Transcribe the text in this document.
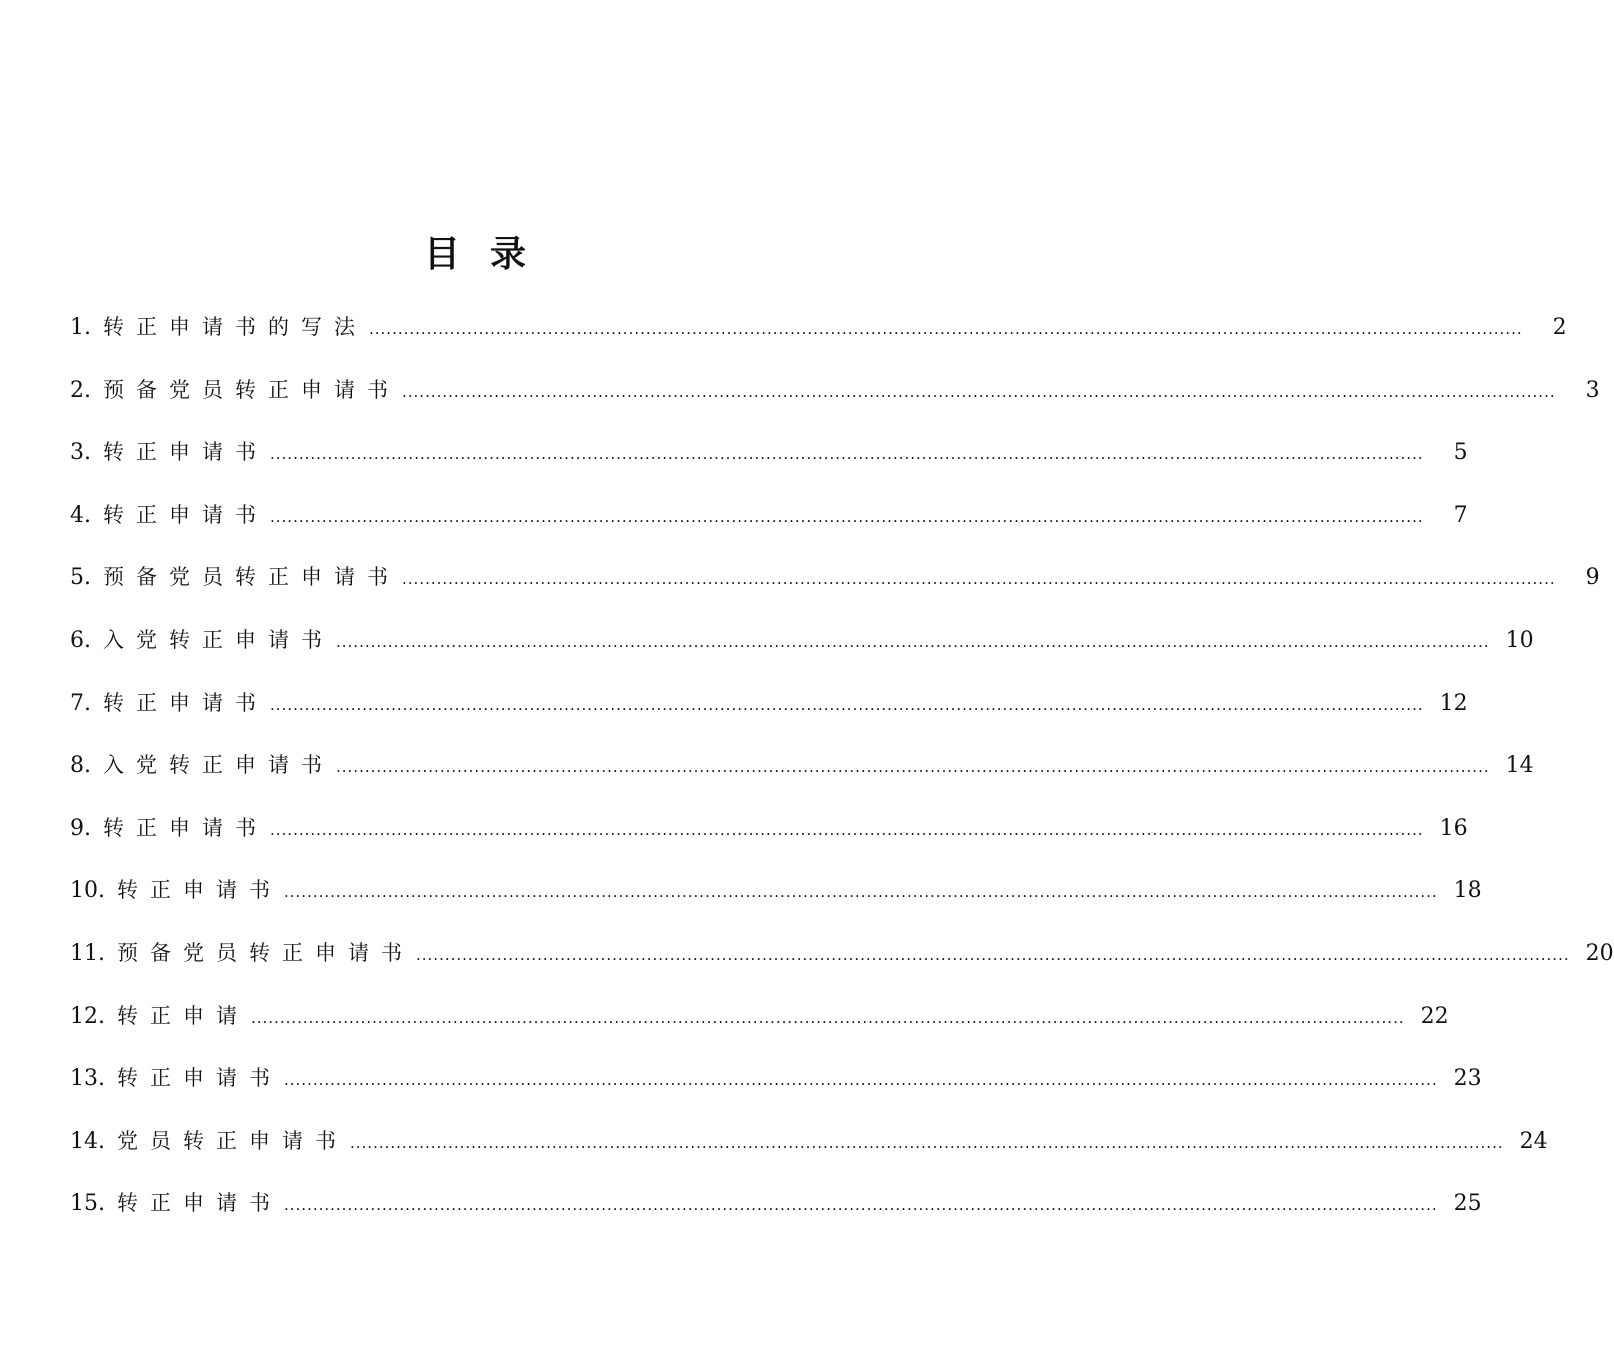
目 录
1. 转正申请书的写法 ........................................................................................................................................................................................................	2
2. 预备党员转正申请书 ........................................................................................................................................................................................................	3
3. 转正申请书 ........................................................................................................................................................................................................	5
4. 转正申请书 ........................................................................................................................................................................................................	7
5. 预备党员转正申请书 ........................................................................................................................................................................................................	9
6. 入党转正申请书 ........................................................................................................................................................................................................ 10
7. 转正申请书 ........................................................................................................................................................................................................ 12
8. 入党转正申请书 ........................................................................................................................................................................................................ 14
9. 转正申请书 ........................................................................................................................................................................................................ 16
10. 转正申请书 ........................................................................................................................................................................................................ 18
11. 预备党员转正申请书 ........................................................................................................................................................................................................ 20
12. 转正申请 ........................................................................................................................................................................................................ 22
13. 转正申请书 ........................................................................................................................................................................................................ 23
14. 党员转正申请书 ........................................................................................................................................................................................................ 24
15. 转正申请书 ........................................................................................................................................................................................................ 25
